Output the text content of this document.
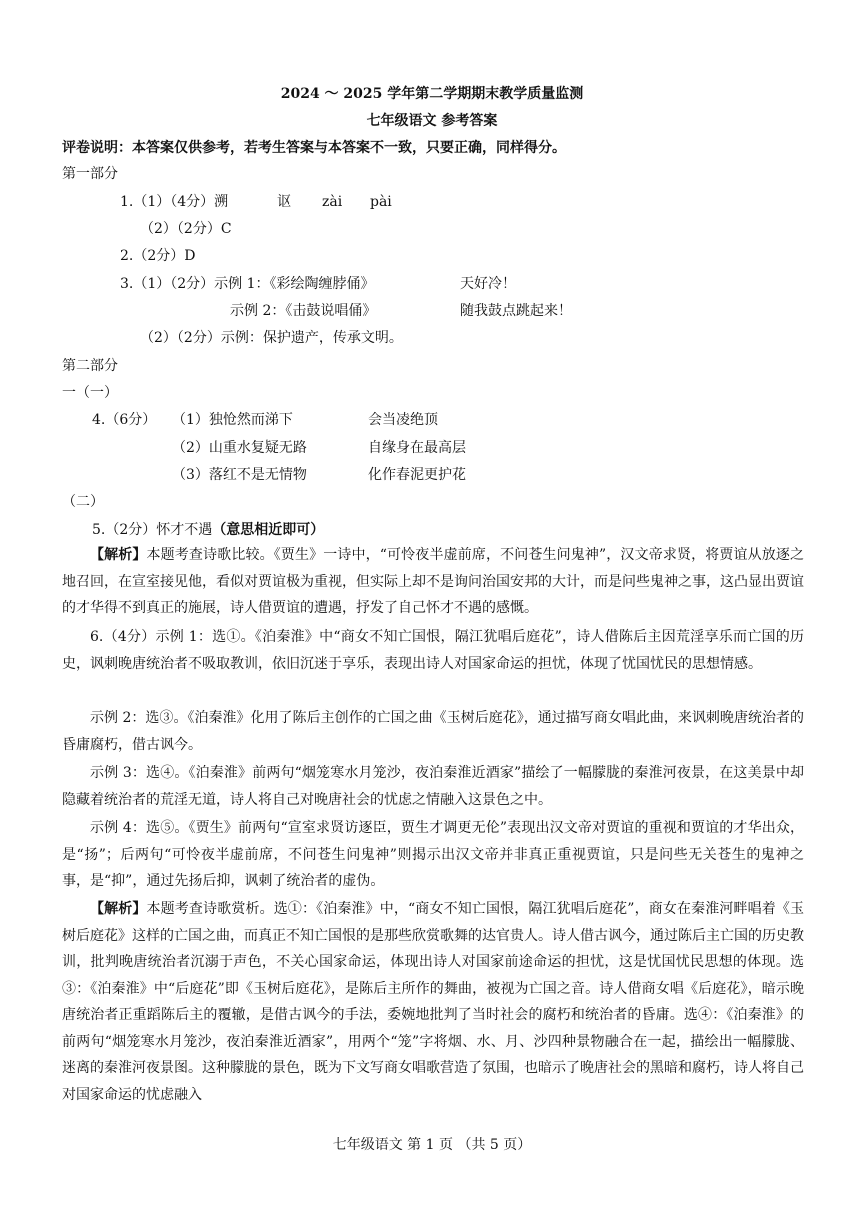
2024 ～ 2025 学年第二学期期末教学质量监测
七年级语文 参考答案
评卷说明：本答案仅供参考，若考生答案与本答案不一致，只要正确，同样得分。
第一部分
1.（1）（4分）溯	讴 zài pài
（2）（2分）C
2.（2分）D
3.（1）（2分）示例 1：《彩绘陶缠脖俑》	天好冷！
示例 2：《击鼓说唱俑》	随我鼓点跳起来！
（2）（2分）示例：保护遗产，传承文明。
第二部分
一（一）
4.（6分） （1）独怆然而涕下	会当凌绝顶
（2）山重水复疑无路	自缘身在最高层
（3）落红不是无情物	化作春泥更护花
（二）
5.（2分）怀才不遇（意思相近即可）
【解析】本题考查诗歌比较。《贾生》一诗中，“可怜夜半虚前席，不问苍生问鬼神”，汉文帝求贤，将贾谊从放逐之地召回，在宣室接见他，看似对贾谊极为重视，但实际上却不是询问治国安邦的大计，而是问些鬼神之事，这凸显出贾谊的才华得不到真正的施展，诗人借贾谊的遭遇，抒发了自己怀才不遇的感慨。
6.（4分）示例 1：选①。《泊秦淮》中“商女不知亡国恨，隔江犹唱后庭花”，诗人借陈后主因荒淫享乐而亡国的历史，讽刺晚唐统治者不吸取教训，依旧沉迷于享乐，表现出诗人对国家命运的担忧，体现了忧国忧民的思想情感。
示例 2：选③。《泊秦淮》化用了陈后主创作的亡国之曲《玉树后庭花》，通过描写商女唱此曲，来讽刺晚唐统治者的昏庸腐朽，借古讽今。
示例 3：选④。《泊秦淮》前两句“烟笼寒水月笼沙，夜泊秦淮近酒家”描绘了一幅朦胧的秦淮河夜景，在这美景中却隐藏着统治者的荒淫无道，诗人将自己对晚唐社会的忧虑之情融入这景色之中。
示例 4：选⑤。《贾生》前两句“宣室求贤访逐臣，贾生才调更无伦”表现出汉文帝对贾谊的重视和贾谊的才华出众，是“扬”；后两句“可怜夜半虚前席，不问苍生问鬼神”则揭示出汉文帝并非真正重视贾谊，只是问些无关苍生的鬼神之事，是“抑”，通过先扬后抑，讽刺了统治者的虚伪。
【解析】本题考查诗歌赏析。选①：《泊秦淮》中，“商女不知亡国恨，隔江犹唱后庭花”，商女在秦淮河畔唱着《玉树后庭花》这样的亡国之曲，而真正不知亡国恨的是那些欣赏歌舞的达官贵人。诗人借古讽今，通过陈后主亡国的历史教训，批判晚唐统治者沉溺于声色，不关心国家命运，体现出诗人对国家前途命运的担忧，这是忧国忧民思想的体现。选③：《泊秦淮》中“后庭花”即《玉树后庭花》，是陈后主所作的舞曲，被视为亡国之音。诗人借商女唱《后庭花》，暗示晚唐统治者正重蹈陈后主的覆辙，是借古讽今的手法，委婉地批判了当时社会的腐朽和统治者的昏庸。选④：《泊秦淮》的前两句“烟笼寒水月笼沙，夜泊秦淮近酒家”，用两个“笼”字将烟、水、月、沙四种景物融合在一起，描绘出一幅朦胧、迷离的秦淮河夜景图。这种朦胧的景色，既为下文写商女唱歌营造了氛围，也暗示了晚唐社会的黑暗和腐朽，诗人将自己对国家命运的忧虑融入
七年级语文 第 1 页 （共 5 页）
